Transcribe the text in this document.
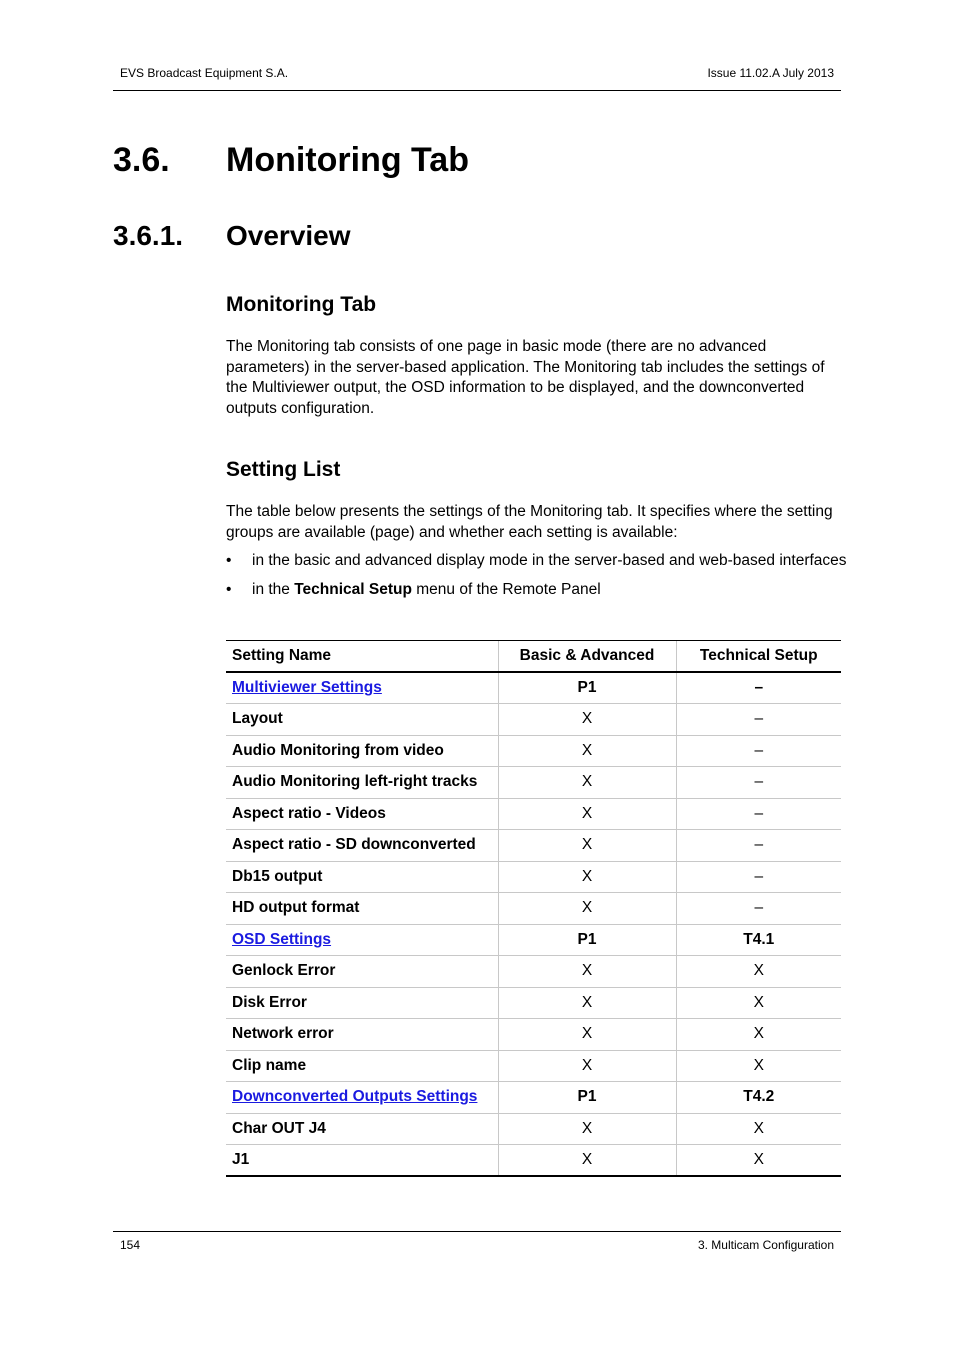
EVS Broadcast Equipment S.A.	Issue 11.02.A July 2013
3.6. Monitoring Tab
3.6.1. Overview
Monitoring Tab

The Monitoring tab consists of one page in basic mode (there are no advanced parameters) in the server-based application. The Monitoring tab includes the settings of the Multiviewer output, the OSD information to be displayed, and the downconverted outputs configuration.

Setting List

The table below presents the settings of the Monitoring tab. It specifies where the setting groups are available (page) and whether each setting is available:

• in the basic and advanced display mode in the server-based and web-based interfaces
• in the Technical Setup menu of the Remote Panel
Setting Name	Basic & Advanced	Technical Setup
Multiviewer Settings	P1	–
Layout	X	–
Audio Monitoring from video	X	–
Audio Monitoring left-right tracks	X	–
Aspect ratio - Videos	X	–
Aspect ratio - SD downconverted	X	–
Db15 output	X	–
HD output format	X	–
OSD Settings	P1	T4.1
Genlock Error	X	X
Disk Error	X	X
Network error	X	X
Clip name	X	X
Downconverted Outputs Settings	P1	T4.2
Char OUT J4	X	X
J1	X	X
154	3. Multicam Configuration
